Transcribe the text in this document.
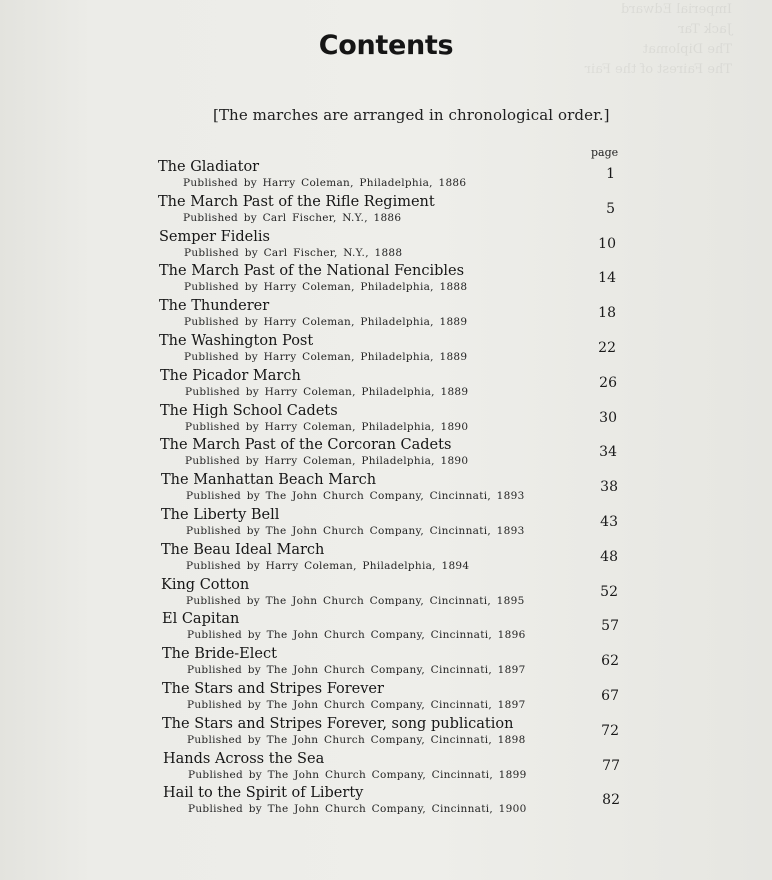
Imperial Edward
Jack Tar
The Diplomat
The Fairest of the Fair

Contents
[The marches are arranged in chronological order.]
page
The Gladiator
Published by Harry Coleman, Philadelphia, 1886
1
The March Past of the Rifle Regiment
Published by Carl Fischer, N.Y., 1886
5
Semper Fidelis
Published by Carl Fischer, N.Y., 1888
10
The March Past of the National Fencibles
Published by Harry Coleman, Philadelphia, 1888
14
The Thunderer
Published by Harry Coleman, Philadelphia, 1889
18
The Washington Post
Published by Harry Coleman, Philadelphia, 1889
22
The Picador March
Published by Harry Coleman, Philadelphia, 1889
26
The High School Cadets
Published by Harry Coleman, Philadelphia, 1890
30
The March Past of the Corcoran Cadets
Published by Harry Coleman, Philadelphia, 1890
34
The Manhattan Beach March
Published by The John Church Company, Cincinnati, 1893
38
The Liberty Bell
Published by The John Church Company, Cincinnati, 1893
43
The Beau Ideal March
Published by Harry Coleman, Philadelphia, 1894
48
King Cotton
Published by The John Church Company, Cincinnati, 1895
52
El Capitan
Published by The John Church Company, Cincinnati, 1896
57
The Bride-Elect
Published by The John Church Company, Cincinnati, 1897
62
The Stars and Stripes Forever
Published by The John Church Company, Cincinnati, 1897
67
The Stars and Stripes Forever, song publication
Published by The John Church Company, Cincinnati, 1898
72
Hands Across the Sea
Published by The John Church Company, Cincinnati, 1899
77
Hail to the Spirit of Liberty
Published by The John Church Company, Cincinnati, 1900
82
